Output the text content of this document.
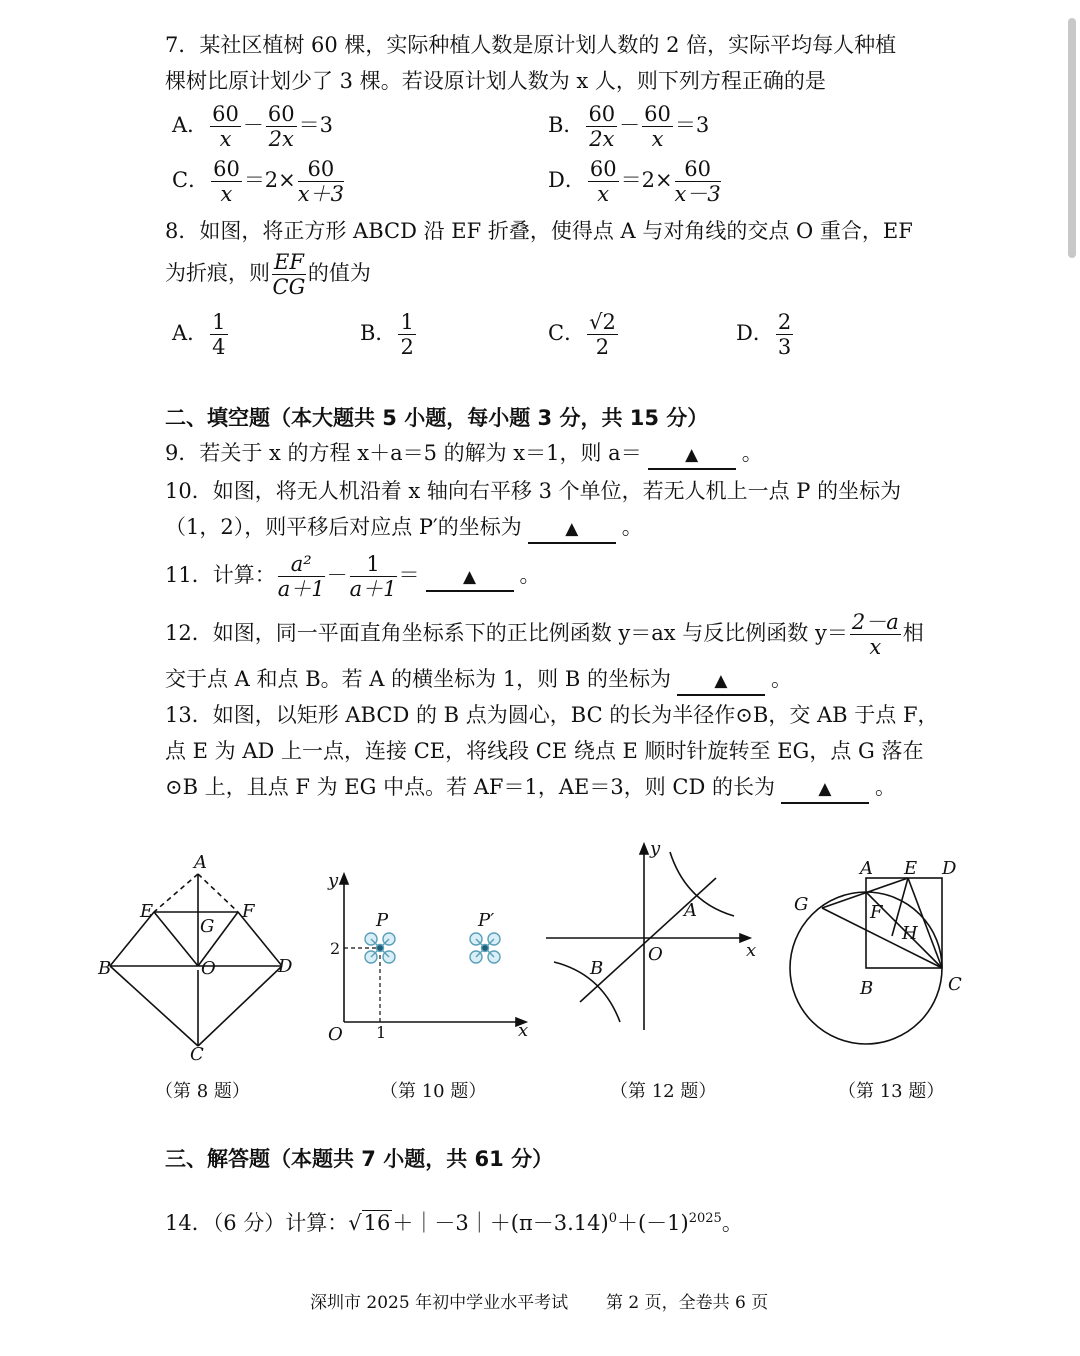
7．某社区植树 60 棵，实际种植人数是原计划人数的 2 倍，实际平均每人种植
棵树比原计划少了 3 棵。若设原计划人数为 x 人，则下列方程正确的是
A． $\frac{60}{x} - \frac{60}{2x} =3$	B． $\frac{60}{2x} - \frac{60}{x} =3$
C． $\frac{60}{x} =2\times \frac{60}{x+3}$	D． $\frac{60}{x} =2\times \frac{60}{x-3}$
8．如图，将正方形 ABCD 沿 EF 折叠，使得点 A 与对角线的交点 O 重合，EF
为折痕，则 $\frac{EF}{CG}$ 的值为
A． $\frac{1}{4}$	B． $\frac{1}{2}$	C． $\frac{√2}{2}$	D． $\frac{2}{3}$
二、填空题（本大题共 5 小题，每小题 3 分，共 15 分）
9．若关于 x 的方程 x＋a＝5 的解为 x＝1，则 a＝	▲ 。
10．如图，将无人机沿着 x 轴向右平移 3 个单位，若无人机上一点 P 的坐标为
（1，2），则平移后对应点 P′的坐标为	▲ 。
11．计算： $\frac{\text{a²}}{a+1} - \frac{1}{a+1}$ ＝	▲ 。
12．如图，同一平面直角坐标系下的正比例函数 y＝ax 与反比例函数 $y= \frac{2-a}{x}$ 相
交于点 A 和点 B。若 A 的横坐标为 1，则 B 的坐标为	▲ 。
13．如图，以矩形 ABCD 的 B 点为圆心，BC 的长为半径作⊙B，交 AB 于点 F，
点 E 为 AD 上一点，连接 CE，将线段 CE 绕点 E 顺时针旋转至 EG，点 G 落在
⊙B 上，且点 F 为 EG 中点。若 AF＝1，AE＝3，则 CD 的长为	▲ 。
A
E	F
G
B	O	D
C
（第 8 题）
y
x
O
P	P′
2
1
（第 10 题）
y
x
O
A
B
（第 12 题）
A E D
G	F
H
B	C
（第 13 题）
三、解答题（本题共 7 小题，共 61 分）
14．（6 分）计算：$√16+|-3|+(\pi-3.14)^0+(-1)^{2025}$。
深圳市 2025 年初中学业水平考试 第 2 页，全卷共 6 页
